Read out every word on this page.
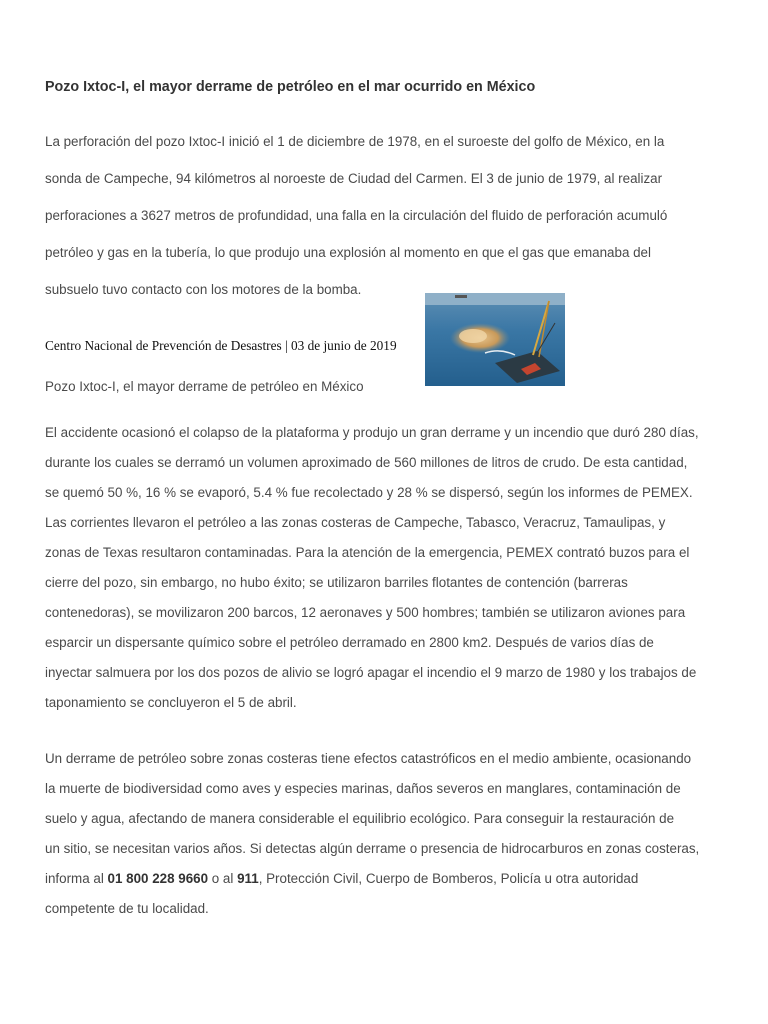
Pozo Ixtoc-I, el mayor derrame de petróleo en el mar ocurrido en México
La perforación del pozo Ixtoc-I inició el 1 de diciembre de 1978, en el suroeste del golfo de México, en la
sonda de Campeche, 94 kilómetros al noroeste de Ciudad del Carmen. El 3 de junio de 1979, al realizar
perforaciones a 3627 metros de profundidad, una falla en la circulación del fluido de perforación acumuló
petróleo y gas en la tubería, lo que produjo una explosión al momento en que el gas que emanaba del
subsuelo tuvo contacto con los motores de la bomba.
Centro Nacional de Prevención de Desastres | 03 de junio de 2019
Pozo Ixtoc-I, el mayor derrame de petróleo en México
El accidente ocasionó el colapso de la plataforma y produjo un gran derrame y un incendio que duró 280 días,
durante los cuales se derramó un volumen aproximado de 560 millones de litros de crudo. De esta cantidad,
se quemó 50 %, 16 % se evaporó, 5.4 % fue recolectado y 28 % se dispersó, según los informes de PEMEX.
Las corrientes llevaron el petróleo a las zonas costeras de Campeche, Tabasco, Veracruz, Tamaulipas, y
zonas de Texas resultaron contaminadas. Para la atención de la emergencia, PEMEX contrató buzos para el
cierre del pozo, sin embargo, no hubo éxito; se utilizaron barriles flotantes de contención (barreras
contenedoras), se movilizaron 200 barcos, 12 aeronaves y 500 hombres; también se utilizaron aviones para
esparcir un dispersante químico sobre el petróleo derramado en 2800 km2. Después de varios días de
inyectar salmuera por los dos pozos de alivio se logró apagar el incendio el 9 marzo de 1980 y los trabajos de
taponamiento se concluyeron el 5 de abril.
Un derrame de petróleo sobre zonas costeras tiene efectos catastróficos en el medio ambiente, ocasionando
la muerte de biodiversidad como aves y especies marinas, daños severos en manglares, contaminación de
suelo y agua, afectando de manera considerable el equilibrio ecológico. Para conseguir la restauración de
un sitio, se necesitan varios años. Si detectas algún derrame o presencia de hidrocarburos en zonas costeras,
informa al 01 800 228 9660 o al 911, Protección Civil, Cuerpo de Bomberos, Policía u otra autoridad
competente de tu localidad.
